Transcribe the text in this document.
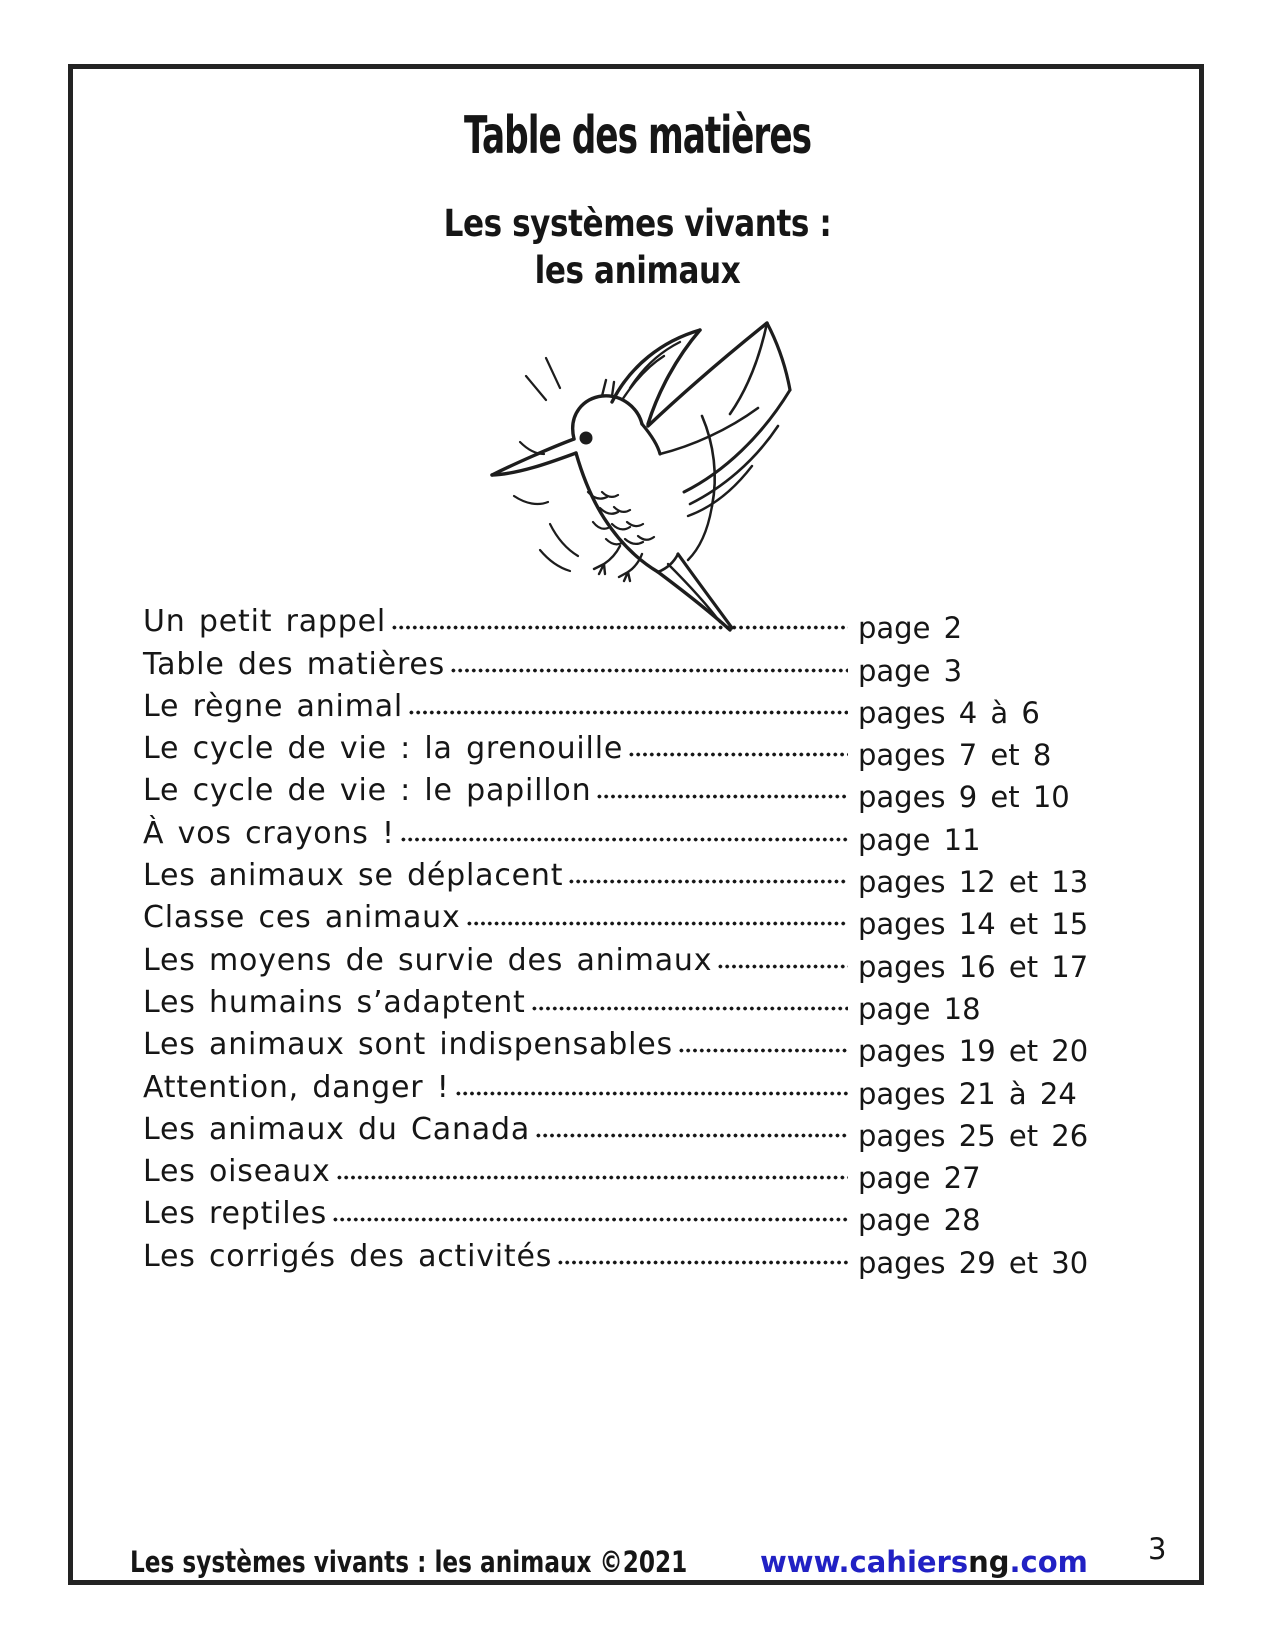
Table des matières
Les systèmes vivants :
les animaux
Un petit rappel	page 2
Table des matières	page 3
Le règne animal	pages 4 à 6
Le cycle de vie : la grenouille	pages 7 et 8
Le cycle de vie : le papillon	pages 9 et 10
À vos crayons !	page 11
Les animaux se déplacent	pages 12 et 13
Classe ces animaux	pages 14 et 15
Les moyens de survie des animaux	pages 16 et 17
Les humains s’adaptent	page 18
Les animaux sont indispensables	pages 19 et 20
Attention, danger !	pages 21 à 24
Les animaux du Canada	pages 25 et 26
Les oiseaux	page 27
Les reptiles	page 28
Les corrigés des activités	pages 29 et 30
Les systèmes vivants : les animaux ©2021	www.cahiersng.com 3
